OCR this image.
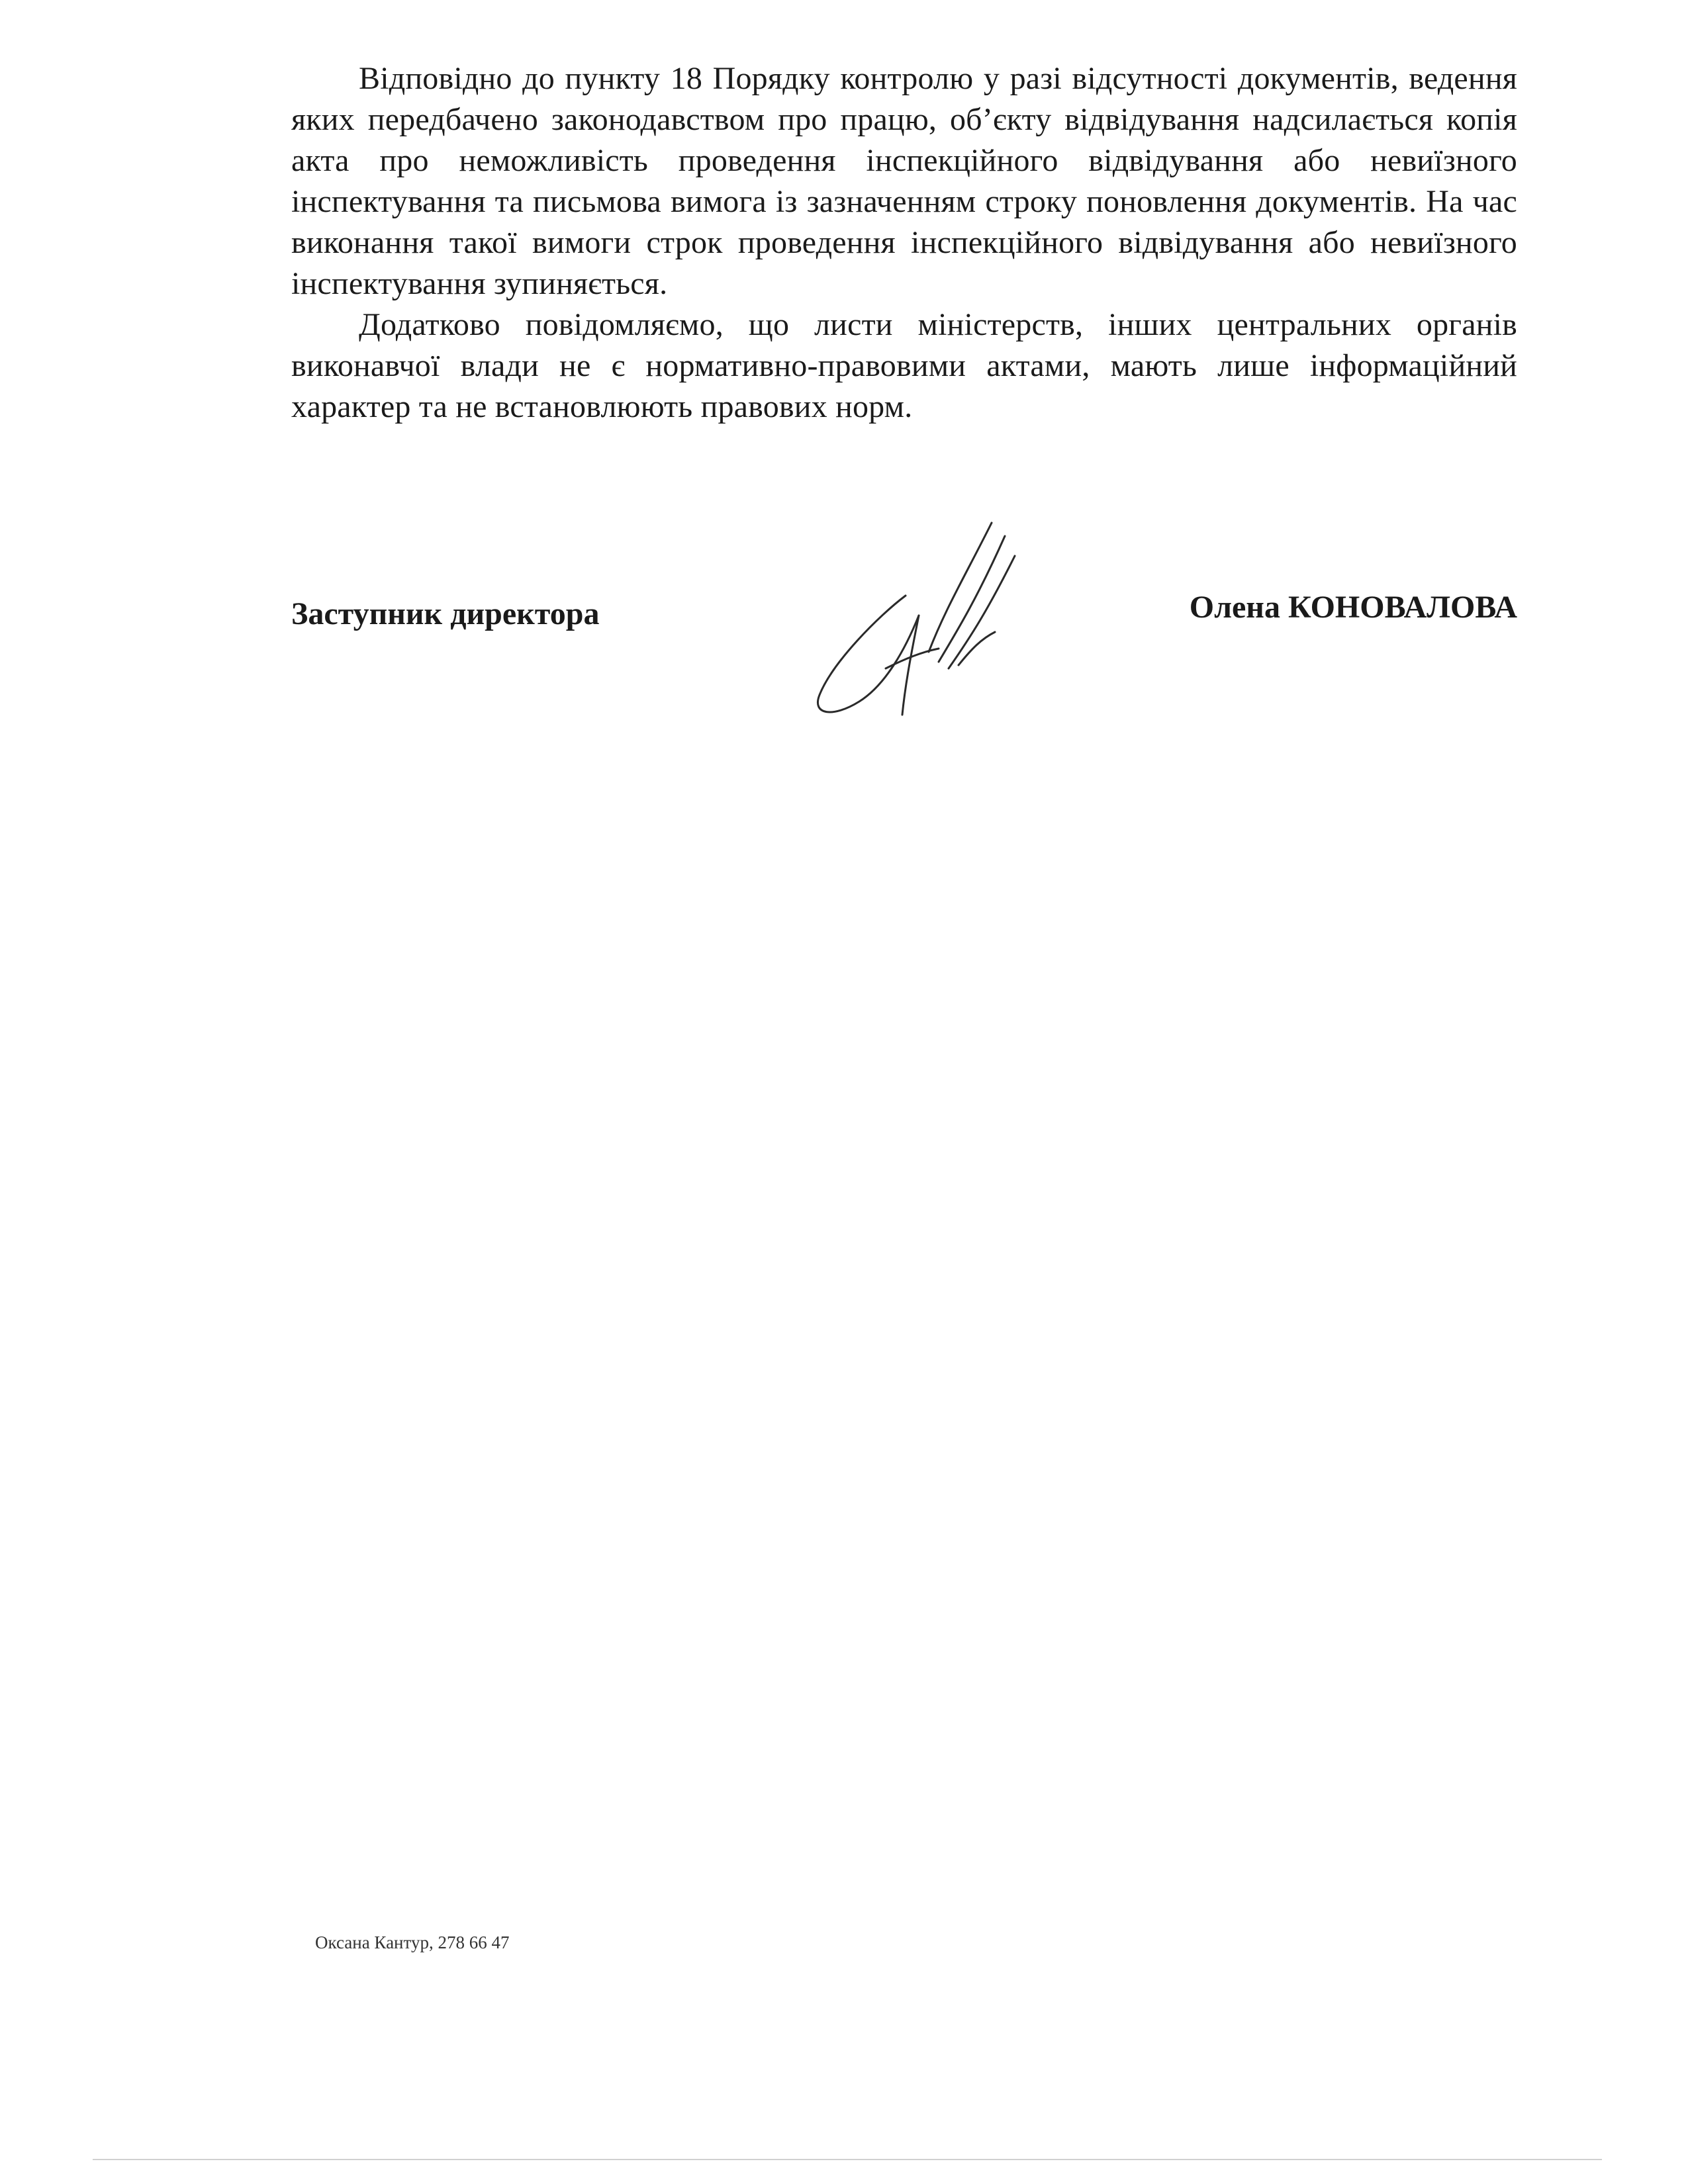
Відповідно до пункту 18 Порядку контролю у разі відсутності документів, ведення яких передбачено законодавством про працю, об’єкту відвідування надсилається копія акта про неможливість проведення інспекційного відвідування або невиїзного інспектування та письмова вимога із зазначенням строку поновлення документів. На час виконання такої вимоги строк проведення інспекційного відвідування або невиїзного інспектування зупиняється.

Додатково повідомляємо, що листи міністерств, інших центральних органів виконавчої влади не є нормативно-правовими актами, мають лише інформаційний характер та не встановлюють правових норм.

Заступник директора	Олена КОНОВАЛОВА
Оксана Кантур, 278 66 47
